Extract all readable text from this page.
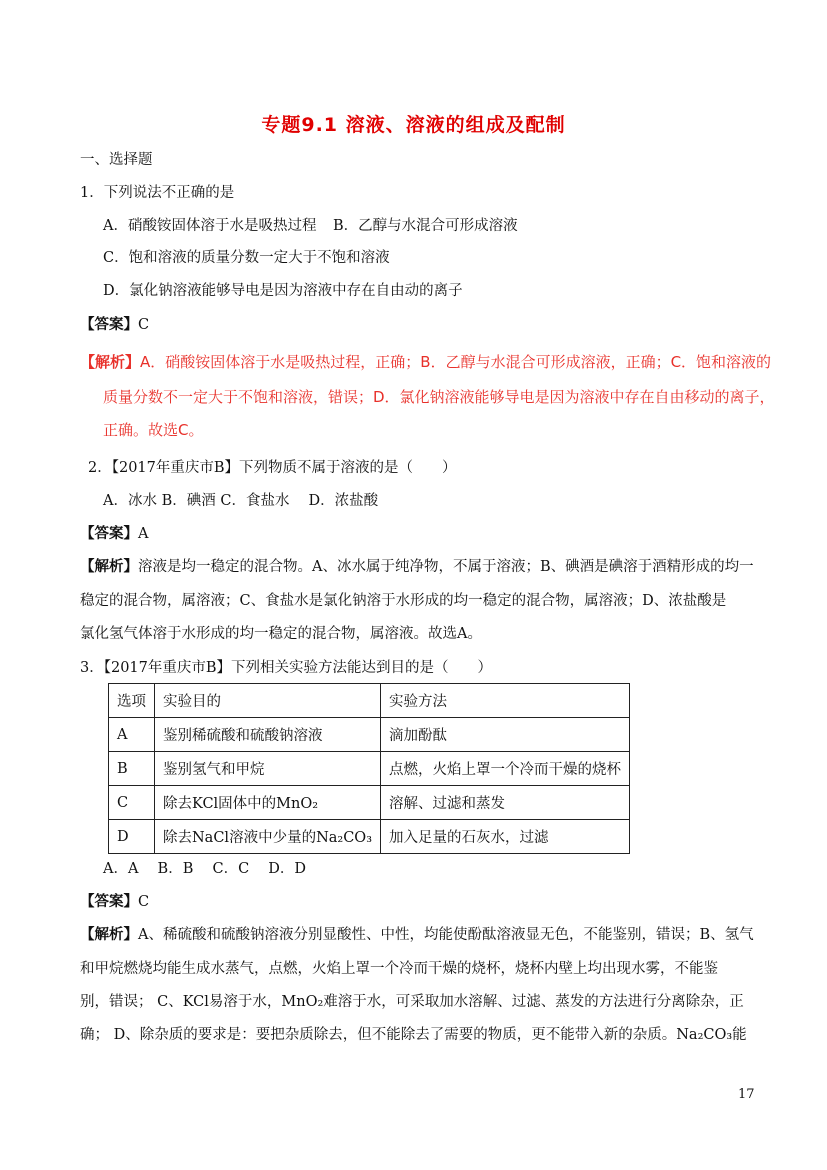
专题9.1 溶液、溶液的组成及配制
一、选择题
1．下列说法不正确的是
A．硝酸铵固体溶于水是吸热过程 B．乙醇与水混合可形成溶液
C．饱和溶液的质量分数一定大于不饱和溶液
D．氯化钠溶液能够导电是因为溶液中存在自由动的离子
【答案】C
【解析】A．硝酸铵固体溶于水是吸热过程，正确；B．乙醇与水混合可形成溶液，正确；C．饱和溶液的
质量分数不一定大于不饱和溶液，错误；D．氯化钠溶液能够导电是因为溶液中存在自由移动的离子，
正确。故选C。
2．【2017年重庆市B】下列物质不属于溶液的是（　　）
A．冰水 B．碘酒 C．食盐水　 D．浓盐酸
【答案】A
【解析】溶液是均一稳定的混合物。A、冰水属于纯净物，不属于溶液；B、碘酒是碘溶于酒精形成的均一
稳定的混合物，属溶液；C、食盐水是氯化钠溶于水形成的均一稳定的混合物，属溶液；D、浓盐酸是
氯化氢气体溶于水形成的均一稳定的混合物，属溶液。故选A。
3．【2017年重庆市B】下列相关实验方法能达到目的是（　　）
选项	实验目的	实验方法
A	鉴别稀硫酸和硫酸钠溶液	滴加酚酞
B	鉴别氢气和甲烷	点燃，火焰上罩一个冷而干燥的烧杯
C	除去KCl固体中的MnO₂	溶解、过滤和蒸发
D	除去NaCl溶液中少量的Na₂CO₃	加入足量的石灰水，过滤
A．A　 B．B　 C．C　 D．D
【答案】C
【解析】A、稀硫酸和硫酸钠溶液分别显酸性、中性，均能使酚酞溶液显无色，不能鉴别，错误；B、氢气
和甲烷燃烧均能生成水蒸气，点燃，火焰上罩一个冷而干燥的烧杯，烧杯内壁上均出现水雾，不能鉴
别，错误； C、KCl易溶于水，MnO₂难溶于水，可采取加水溶解、过滤、蒸发的方法进行分离除杂，正
确； D、除杂质的要求是：要把杂质除去，但不能除去了需要的物质，更不能带入新的杂质。Na₂CO₃能
17
